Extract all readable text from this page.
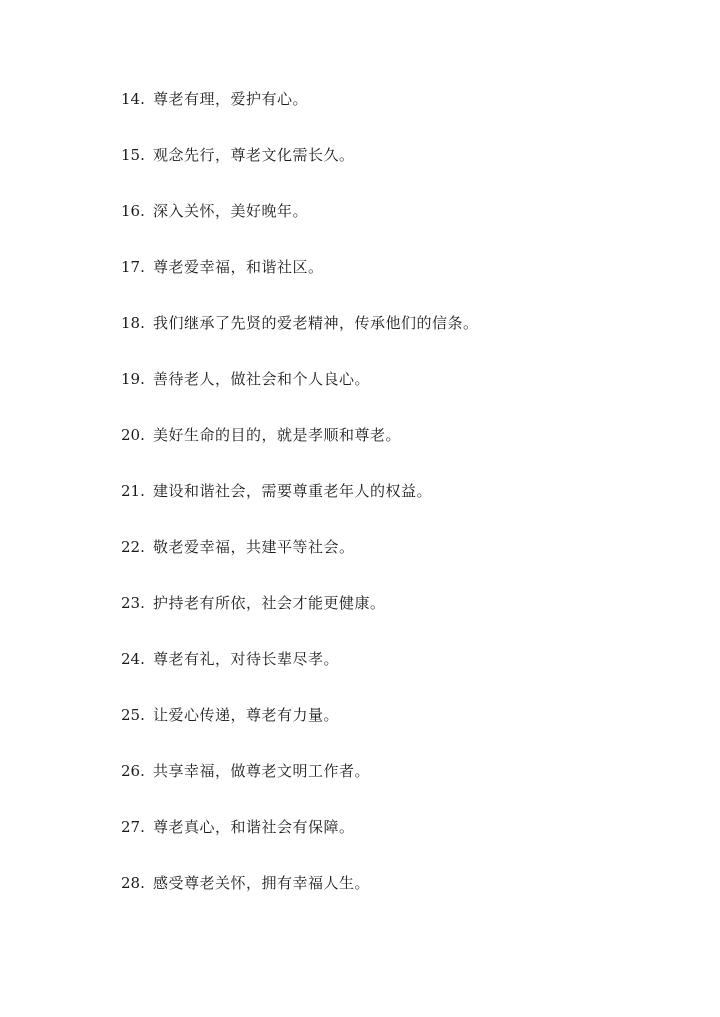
14. 尊老有理，爱护有心。
15. 观念先行，尊老文化需长久。
16. 深入关怀，美好晚年。
17. 尊老爱幸福，和谐社区。
18. 我们继承了先贤的爱老精神，传承他们的信条。
19. 善待老人，做社会和个人良心。
20. 美好生命的目的，就是孝顺和尊老。
21. 建设和谐社会，需要尊重老年人的权益。
22. 敬老爱幸福，共建平等社会。
23. 护持老有所依，社会才能更健康。
24. 尊老有礼，对待长辈尽孝。
25. 让爱心传递，尊老有力量。
26. 共享幸福，做尊老文明工作者。
27. 尊老真心，和谐社会有保障。
28. 感受尊老关怀，拥有幸福人生。
